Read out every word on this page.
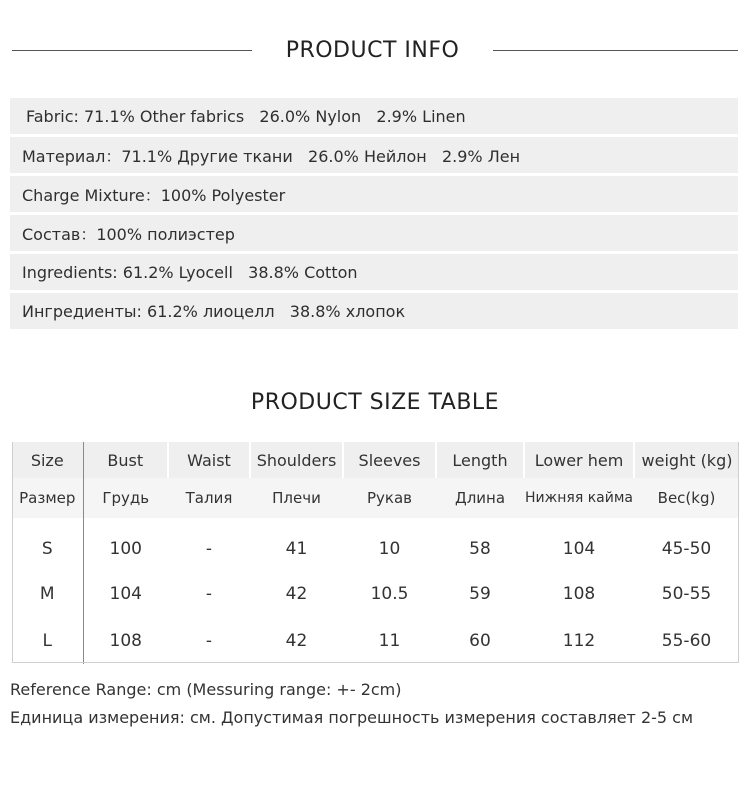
PRODUCT INFO
Fabric: 71.1% Other fabrics   26.0% Nylon   2.9% Linen
Материал：71.1% Другие ткани   26.0% Нейлон   2.9% Лен
Charge Mixture：100% Polyester
Состав：100% полиэстер
Ingredients: 61.2% Lyocell   38.8% Cotton
Ингредиенты: 61.2% лиоцелл   38.8% хлопок
PRODUCT SIZE TABLE
Size	Bust	Waist	Shoulders	Sleeves	Length	Lower hem	weight (kg)
Размер	Грудь	Талия	Плечи	Рукав	Длина	Нижняя кайма	Вес(kg)
S	100	-	41	10	58	104	45-50
M	104	-	42	10.5	59	108	50-55
L	108	-	42	11	60	112	55-60
Reference Range: cm (Messuring range: +- 2cm)
Единица измерения: см. Допустимая погрешность измерения составляет 2-5 см
